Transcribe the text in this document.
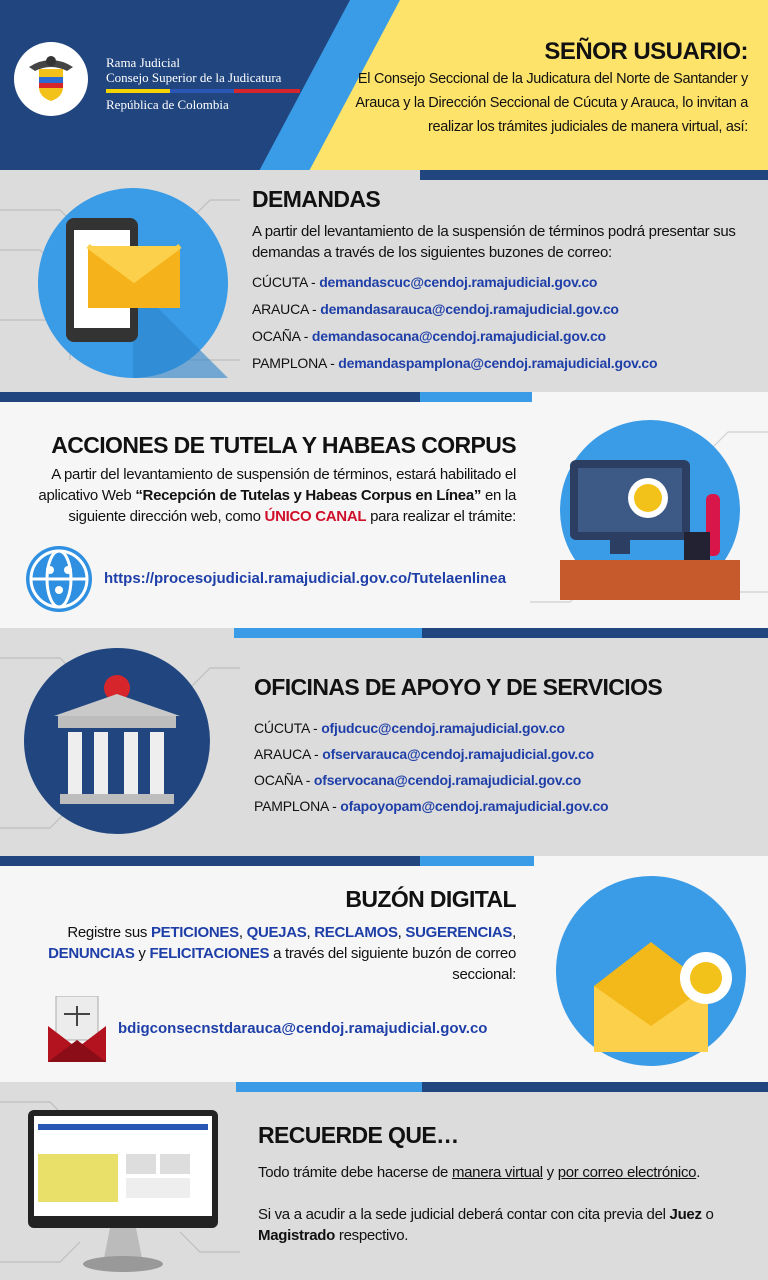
Rama Judicial
Consejo Superior de la Judicatura
República de Colombia
SEÑOR USUARIO:
El Consejo Seccional de la Judicatura del Norte de Santander y Arauca y la Dirección Seccional de Cúcuta y Arauca, lo invitan a realizar los trámites judiciales de manera virtual, así:
DEMANDAS
A partir del levantamiento de la suspensión de términos podrá presentar sus demandas a través de los siguientes buzones de correo:
CÚCUTA - demandascuc@cendoj.ramajudicial.gov.co
ARAUCA - demandasarauca@cendoj.ramajudicial.gov.co
OCAÑA - demandasocana@cendoj.ramajudicial.gov.co
PAMPLONA - demandaspamplona@cendoj.ramajudicial.gov.co
ACCIONES DE TUTELA Y HABEAS CORPUS
A partir del levantamiento de suspensión de términos, estará habilitado el aplicativo Web “Recepción de Tutelas y Habeas Corpus en Línea” en la siguiente dirección web, como ÚNICO CANAL para realizar el trámite:
https://procesojudicial.ramajudicial.gov.co/Tutelaenlinea
OFICINAS DE APOYO Y DE SERVICIOS
CÚCUTA - ofjudcuc@cendoj.ramajudicial.gov.co
ARAUCA - ofservarauca@cendoj.ramajudicial.gov.co
OCAÑA - ofservocana@cendoj.ramajudicial.gov.co
PAMPLONA - ofapoyopam@cendoj.ramajudicial.gov.co
BUZÓN DIGITAL
Registre sus PETICIONES, QUEJAS, RECLAMOS, SUGERENCIAS, DENUNCIAS y FELICITACIONES a través del siguiente buzón de correo seccional:
bdigconsecnstdarauca@cendoj.ramajudicial.gov.co
RECUERDE QUE…
Todo trámite debe hacerse de manera virtual y por correo electrónico.
Si va a acudir a la sede judicial deberá contar con cita previa del Juez o Magistrado respectivo.
